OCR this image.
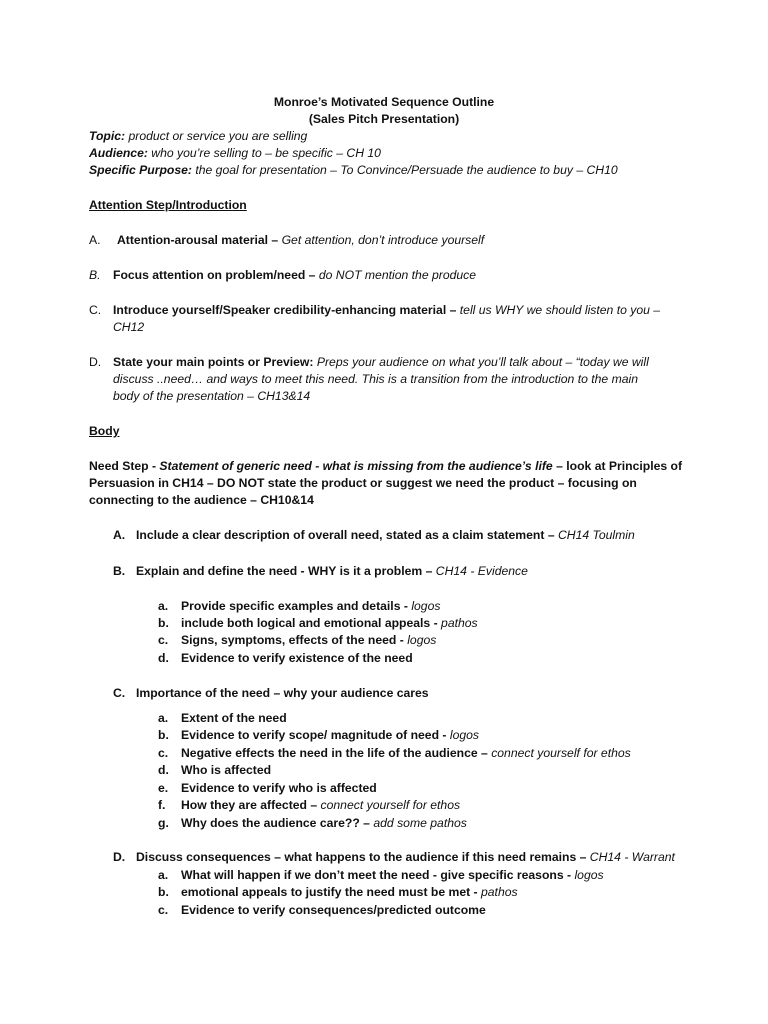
Monroe’s Motivated Sequence Outline
(Sales Pitch Presentation)
Topic: product or service you are selling
Audience: who you’re selling to – be specific – CH 10
Specific Purpose: the goal for presentation – To Convince/Persuade the audience to buy – CH10
Attention Step/Introduction
A. Attention-arousal material – Get attention, don’t introduce yourself
B. Focus attention on problem/need – do NOT mention the produce
C. Introduce yourself/Speaker credibility-enhancing material – tell us WHY we should listen to you –
CH12
D. State your main points or Preview: Preps your audience on what you’ll talk about – “today we will
discuss ..need… and ways to meet this need. This is a transition from the introduction to the main
body of the presentation – CH13&14
Body
Need Step - Statement of generic need - what is missing from the audience’s life – look at Principles of
Persuasion in CH14 – DO NOT state the product or suggest we need the product – focusing on
connecting to the audience – CH10&14
A. Include a clear description of overall need, stated as a claim statement – CH14 Toulmin
B. Explain and define the need - WHY is it a problem – CH14 - Evidence
a. Provide specific examples and details - logos
b. include both logical and emotional appeals - pathos
c. Signs, symptoms, effects of the need - logos
d. Evidence to verify existence of the need
C. Importance of the need – why your audience cares
a. Extent of the need
b. Evidence to verify scope/ magnitude of need - logos
c. Negative effects the need in the life of the audience – connect yourself for ethos
d. Who is affected
e. Evidence to verify who is affected
f. How they are affected – connect yourself for ethos
g. Why does the audience care?? – add some pathos
D. Discuss consequences – what happens to the audience if this need remains – CH14 - Warrant
a. What will happen if we don’t meet the need - give specific reasons - logos
b. emotional appeals to justify the need must be met - pathos
c. Evidence to verify consequences/predicted outcome
